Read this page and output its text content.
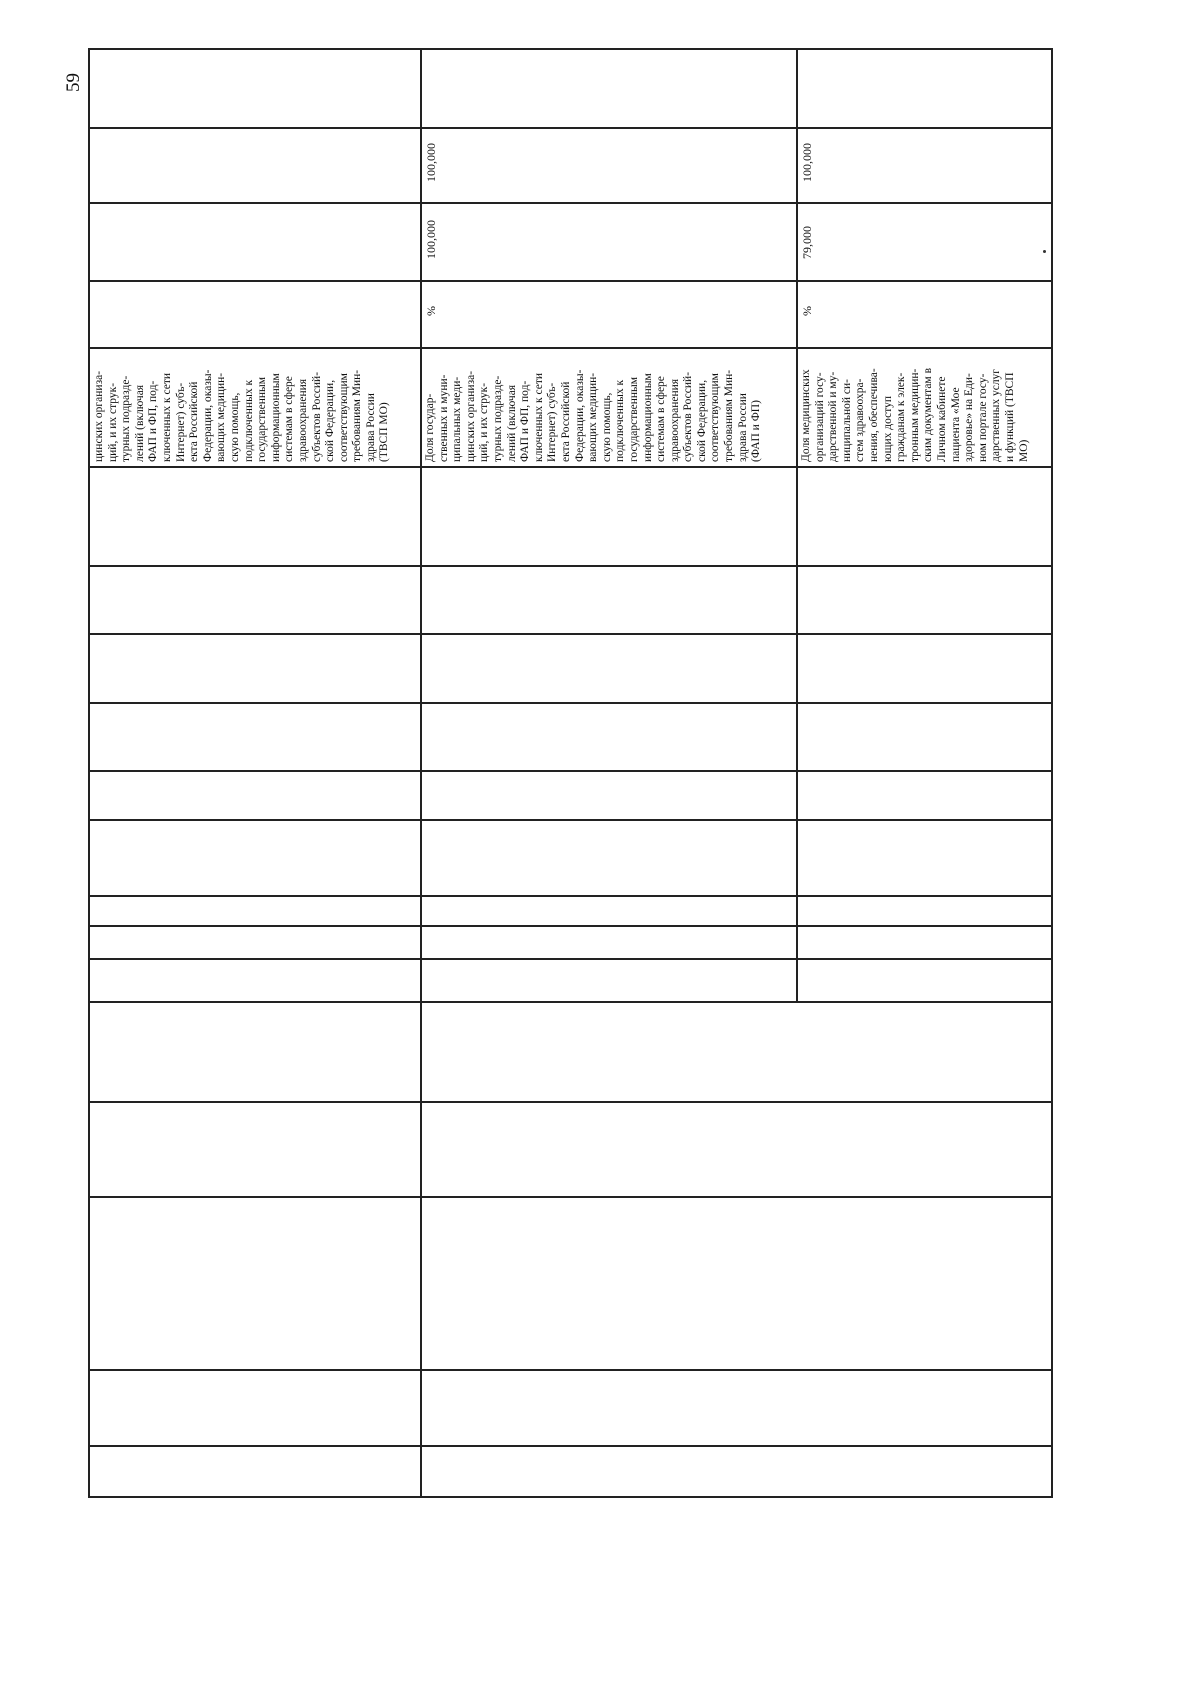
59
цинских организа- ций, и их струк- турных подразде- лений (включая ФАП и ФП, под- ключенных к сети Интернет) субъ- екта Российской Федерации, оказы- вающих медицин- скую помощь, подключенных к государственным информационным системам в сфере здравоохранения субъектов Россий- ской Федерации, соответствующим требованиям Мин- здрава России (ТВСП МО)
100,000
100,000
%
Доля государ- ственных и муни- ципальных меди- цинских организа- ций, и их струк- турных подразде- лений (включая ФАП и ФП, под- ключенных к сети Интернет) субъ- екта Российской Федерации, оказы- вающих медицин- скую помощь, подключенных к государственным информационным системам в сфере здравоохранения субъектов Россий- ской Федерации, соответствующим требованиям Мин- здрава России (ФАП и ФП)
100,000
79,000
%
Доля медицинских организаций госу- дарственной и му- ниципальной си- стем здравоохра- нения, обеспечива- ющих доступ гражданам к элек- тронным медицин- ским документам в Личном кабинете пациента «Мое здоровье» на Еди- ном портале госу- дарственных услуг и функций (ТВСП МО)
